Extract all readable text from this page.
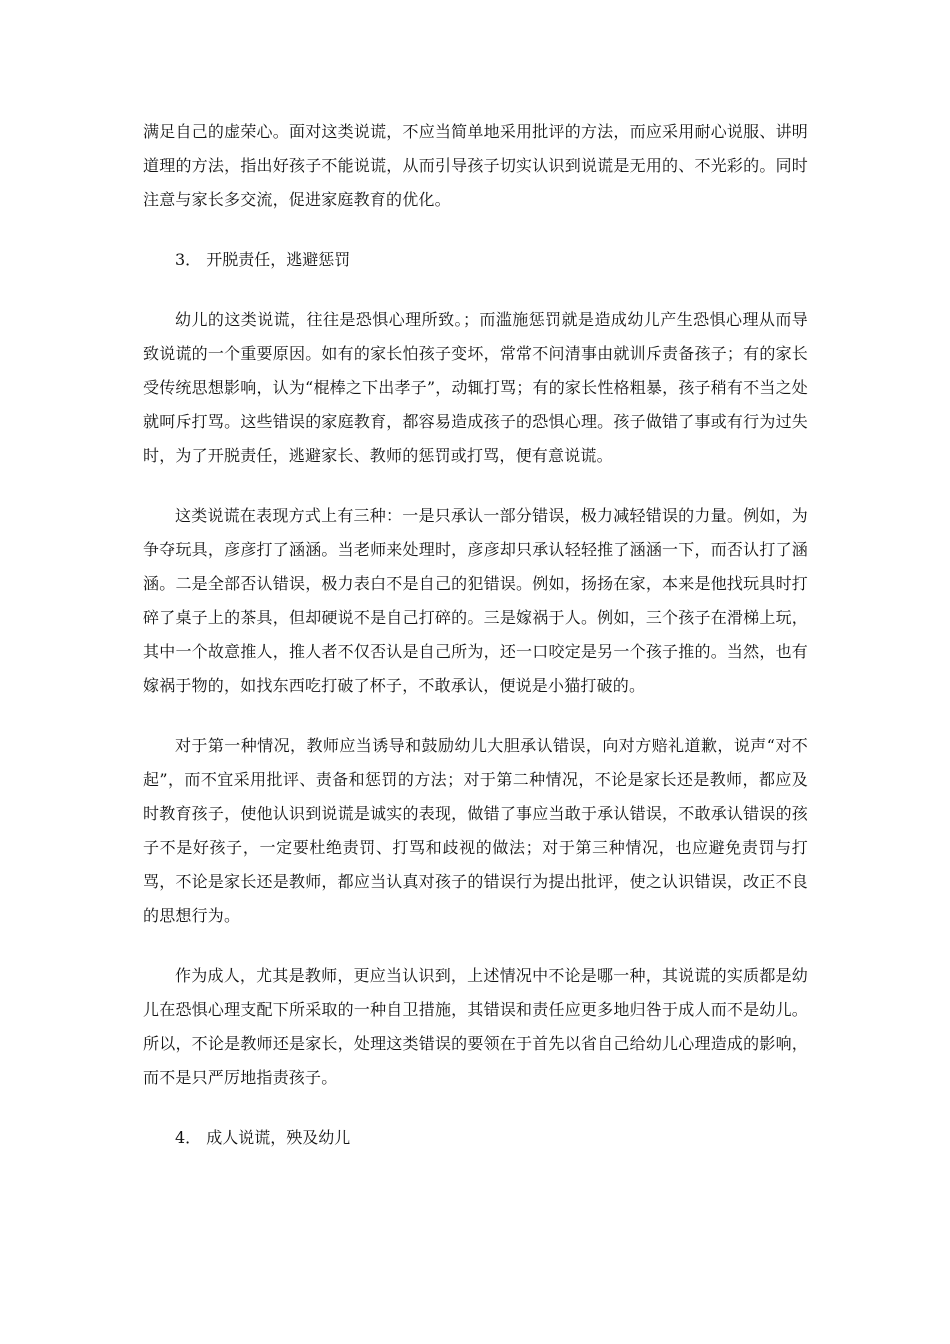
满足自己的虚荣心。面对这类说谎，不应当简单地采用批评的方法，而应采用耐心说服、讲明道理的方法，指出好孩子不能说谎，从而引导孩子切实认识到说谎是无用的、不光彩的。同时注意与家长多交流，促进家庭教育的优化。

3． 开脱责任，逃避惩罚

幼儿的这类说谎，往往是恐惧心理所致。；而滥施惩罚就是造成幼儿产生恐惧心理从而导致说谎的一个重要原因。如有的家长怕孩子变坏，常常不问清事由就训斥责备孩子；有的家长受传统思想影响，认为“棍棒之下出孝子”，动辄打骂；有的家长性格粗暴，孩子稍有不当之处就呵斥打骂。这些错误的家庭教育，都容易造成孩子的恐惧心理。孩子做错了事或有行为过失时，为了开脱责任，逃避家长、教师的惩罚或打骂，便有意说谎。

这类说谎在表现方式上有三种：一是只承认一部分错误，极力减轻错误的力量。例如，为争夺玩具，彦彦打了涵涵。当老师来处理时，彦彦却只承认轻轻推了涵涵一下，而否认打了涵涵。二是全部否认错误，极力表白不是自己的犯错误。例如，扬扬在家，本来是他找玩具时打碎了桌子上的茶具，但却硬说不是自己打碎的。三是嫁祸于人。例如，三个孩子在滑梯上玩，其中一个故意推人，推人者不仅否认是自己所为，还一口咬定是另一个孩子推的。当然，也有嫁祸于物的，如找东西吃打破了杯子，不敢承认，便说是小猫打破的。

对于第一种情况，教师应当诱导和鼓励幼儿大胆承认错误，向对方赔礼道歉，说声“对不起”，而不宜采用批评、责备和惩罚的方法；对于第二种情况，不论是家长还是教师，都应及时教育孩子，使他认识到说谎是诚实的表现，做错了事应当敢于承认错误，不敢承认错误的孩子不是好孩子，一定要杜绝责罚、打骂和歧视的做法；对于第三种情况，也应避免责罚与打骂，不论是家长还是教师，都应当认真对孩子的错误行为提出批评，使之认识错误，改正不良的思想行为。

作为成人，尤其是教师，更应当认识到，上述情况中不论是哪一种，其说谎的实质都是幼儿在恐惧心理支配下所采取的一种自卫措施，其错误和责任应更多地归咎于成人而不是幼儿。所以，不论是教师还是家长，处理这类错误的要领在于首先以省自己给幼儿心理造成的影响，而不是只严厉地指责孩子。

4． 成人说谎，殃及幼儿
